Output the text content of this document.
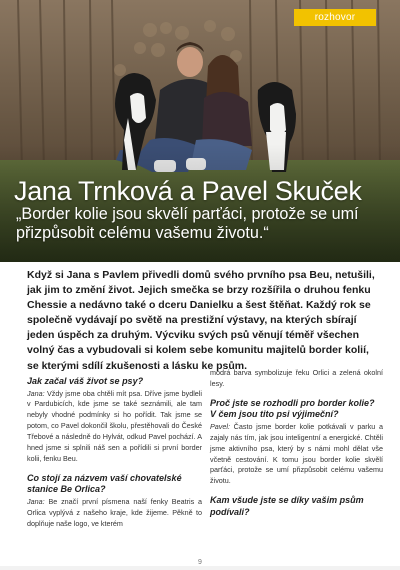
rozhovor
Jana Trnková a Pavel Skuček

„Border kolie jsou skvělí parťáci, protože se umí přizpůsobit celému vašemu životu.“

Když si Jana s Pavlem přivedli domů svého prvního psa Beu, netušili, jak jim to změní život. Jejich smečka se brzy rozšířila o druhou fenku Chessie a nedávno také o dceru Danielku a šest štěňat. Každý rok se společně vydávají po světě na prestižní výstavy, na kterých sbírají jeden úspěch za druhým. Výcviku svých psů věnují téměř všechen volný čas a vybudovali si kolem sebe komunitu majitelů border kolií, se kterými sdílí zkušenosti a lásku ke psům.

Jak začal váš život se psy?

Jana: Vždy jsme oba chtěli mít psa. Dříve jsme bydleli v Pardubicích, kde jsme se také seznámili, ale tam nebyly vhodné podmínky si ho pořídit. Tak jsme se potom, co Pavel dokončil školu, přestěhovali do České Třebové a následně do Hylvát, odkud Pavel pochází. A hned jsme si splnili náš sen a pořídili si první border kolii, fenku Beu.

Co stojí za názvem vaší chovatelské stanice Be Orlica?

Jana: Be značí první písmena naší fenky Beatris a Orlica vyplývá z našeho kraje, kde žijeme. Pěkně to doplňuje naše logo, ve kterém

modrá barva symbolizuje řeku Orlici a zelená okolní lesy.

Proč jste se rozhodli pro border kolie? V čem jsou tito psi výjimeční?

Pavel: Často jsme border kolie potkávali v parku a zajaly nás tím, jak jsou inteligentní a energické. Chtěli jsme aktivního psa, který by s námi mohl dělat vše včetně cestování. K tomu jsou border kolie skvělí parťáci, protože se umí přizpůsobit celému vašemu životu.

Kam všude jste se díky vašim psům podívali?

9
